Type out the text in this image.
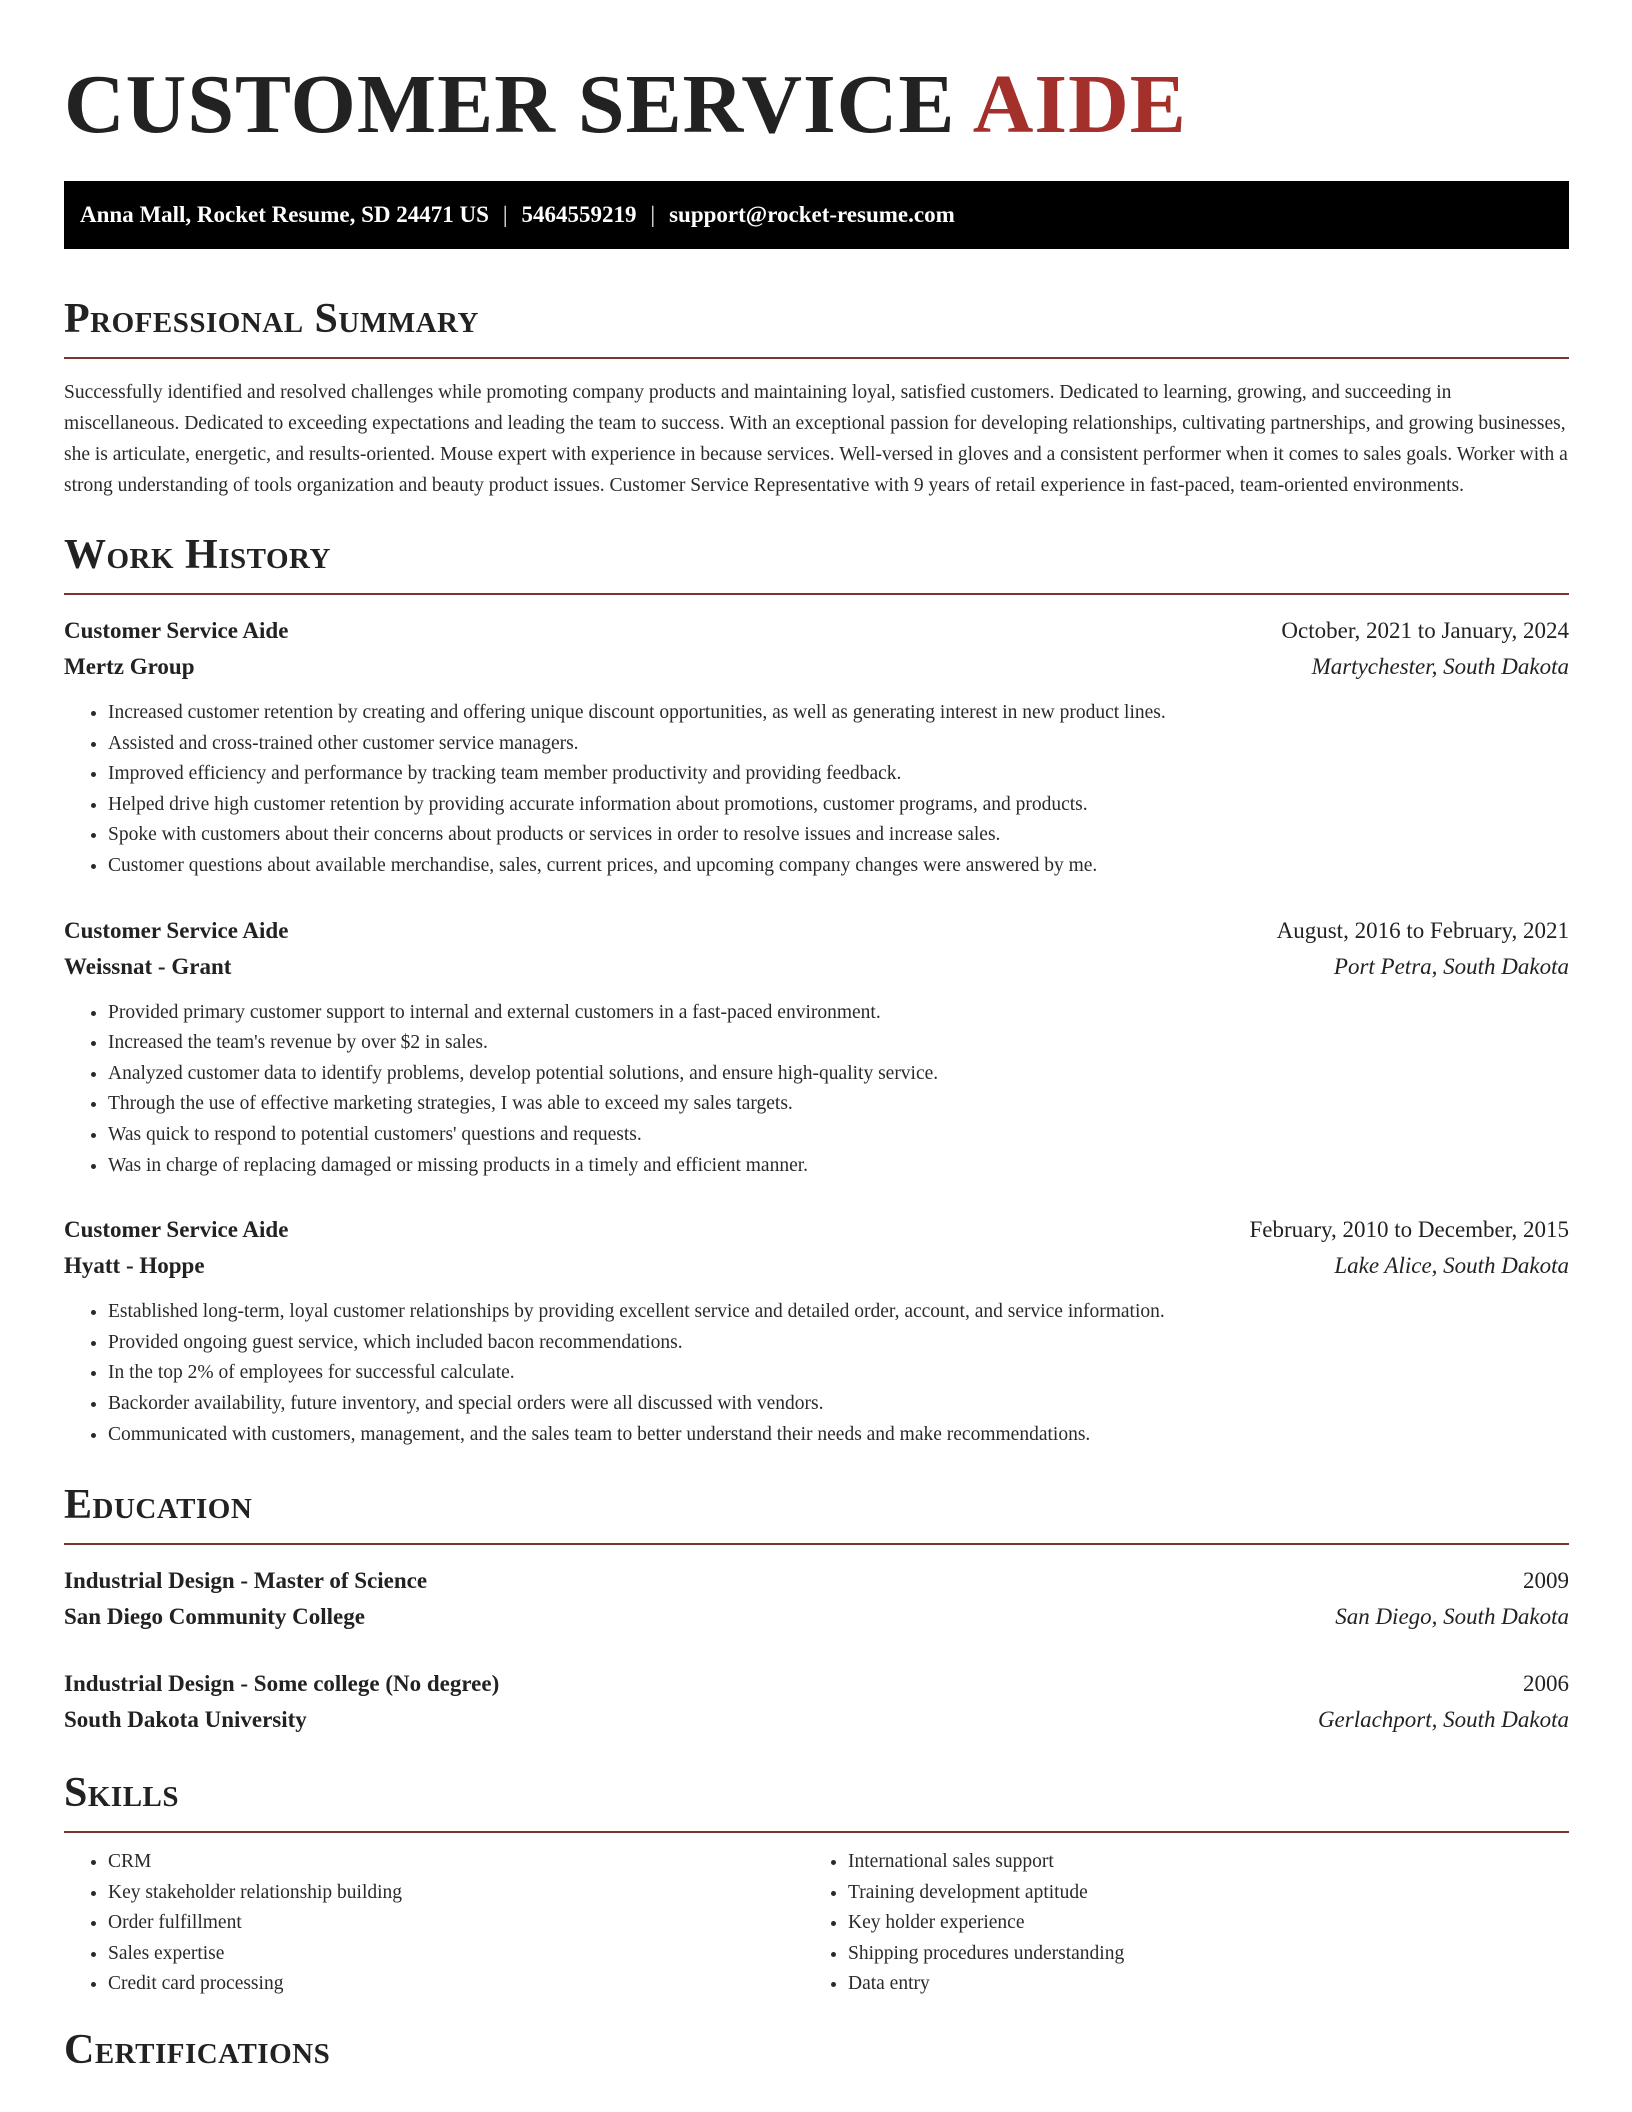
CUSTOMER SERVICE AIDE
Anna Mall, Rocket Resume, SD 24471 US | 5464559219 | support@rocket-resume.com
Professional Summary

Successfully identified and resolved challenges while promoting company products and maintaining loyal, satisfied customers. Dedicated to learning, growing, and succeeding in miscellaneous. Dedicated to exceeding expectations and leading the team to success. With an exceptional passion for developing relationships, cultivating partnerships, and growing businesses, she is articulate, energetic, and results-oriented. Mouse expert with experience in because services. Well-versed in gloves and a consistent performer when it comes to sales goals. Worker with a strong understanding of tools organization and beauty product issues. Customer Service Representative with 9 years of retail experience in fast-paced, team-oriented environments.

Work History
Customer Service Aide	October, 2021 to January, 2024
Mertz Group	Martychester, South Dakota
• Increased customer retention by creating and offering unique discount opportunities, as well as generating interest in new product lines.
• Assisted and cross-trained other customer service managers.
• Improved efficiency and performance by tracking team member productivity and providing feedback.
• Helped drive high customer retention by providing accurate information about promotions, customer programs, and products.
• Spoke with customers about their concerns about products or services in order to resolve issues and increase sales.
• Customer questions about available merchandise, sales, current prices, and upcoming company changes were answered by me.
Customer Service Aide	August, 2016 to February, 2021
Weissnat - Grant	Port Petra, South Dakota
• Provided primary customer support to internal and external customers in a fast-paced environment.
• Increased the team's revenue by over $2 in sales.
• Analyzed customer data to identify problems, develop potential solutions, and ensure high-quality service.
• Through the use of effective marketing strategies, I was able to exceed my sales targets.
• Was quick to respond to potential customers' questions and requests.
• Was in charge of replacing damaged or missing products in a timely and efficient manner.
Customer Service Aide	February, 2010 to December, 2015
Hyatt - Hoppe	Lake Alice, South Dakota
• Established long-term, loyal customer relationships by providing excellent service and detailed order, account, and service information.
• Provided ongoing guest service, which included bacon recommendations.
• In the top 2% of employees for successful calculate.
• Backorder availability, future inventory, and special orders were all discussed with vendors.
• Communicated with customers, management, and the sales team to better understand their needs and make recommendations.
Education
Industrial Design - Master of Science	2009
San Diego Community College	San Diego, South Dakota
Industrial Design - Some college (No degree)	2006
South Dakota University	Gerlachport, South Dakota
Skills
• CRM
• Key stakeholder relationship building
• Order fulfillment
• Sales expertise
• Credit card processing
• International sales support
• Training development aptitude
• Key holder experience
• Shipping procedures understanding
• Data entry
Certifications
